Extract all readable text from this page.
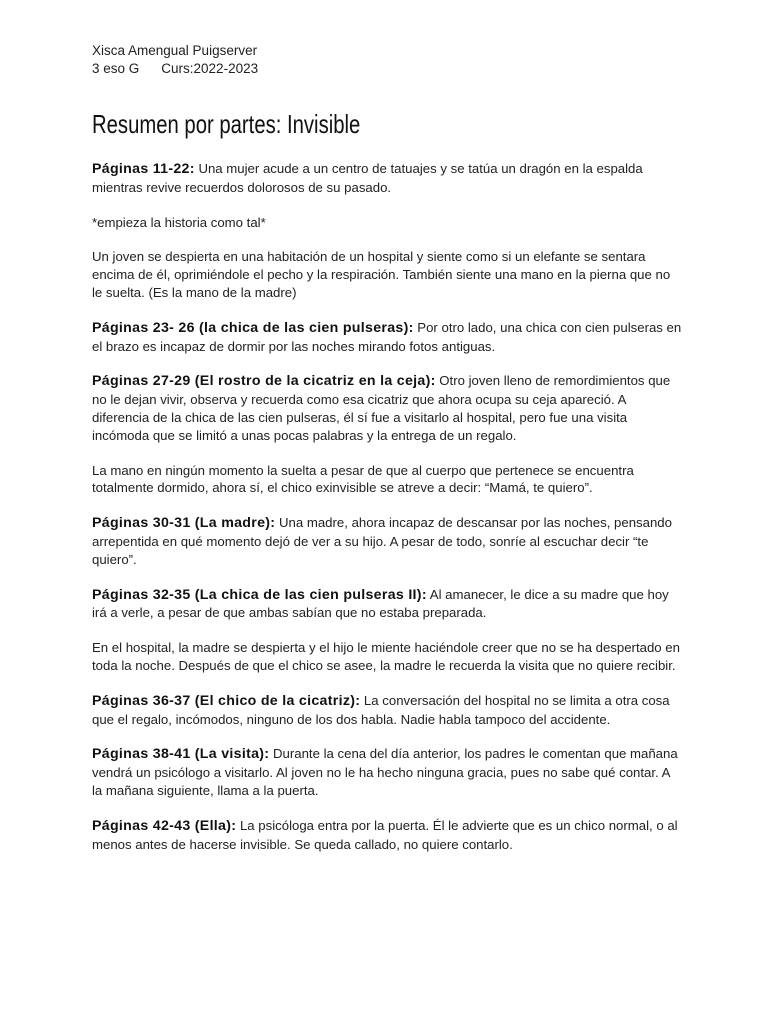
Xisca Amengual Puigserver
3 eso G Curs:2022-2023
Resumen por partes: Invisible

Páginas 11-22: Una mujer acude a un centro de tatuajes y se tatúa un dragón en la espalda mientras revive recuerdos dolorosos de su pasado.

*empieza la historia como tal*

Un joven se despierta en una habitación de un hospital y siente como si un elefante se sentara encima de él, oprimiéndole el pecho y la respiración. También siente una mano en la pierna que no le suelta. (Es la mano de la madre)

Páginas 23- 26 (la chica de las cien pulseras): Por otro lado, una chica con cien pulseras en el brazo es incapaz de dormir por las noches mirando fotos antiguas.

Páginas 27-29 (El rostro de la cicatriz en la ceja): Otro joven lleno de remordimientos que no le dejan vivir, observa y recuerda como esa cicatriz que ahora ocupa su ceja apareció. A diferencia de la chica de las cien pulseras, él sí fue a visitarlo al hospital, pero fue una visita incómoda que se limitó a unas pocas palabras y la entrega de un regalo.

La mano en ningún momento la suelta a pesar de que al cuerpo que pertenece se encuentra totalmente dormido, ahora sí, el chico exinvisible se atreve a decir: “Mamá, te quiero”.

Páginas 30-31 (La madre): Una madre, ahora incapaz de descansar por las noches, pensando arrepentida en qué momento dejó de ver a su hijo. A pesar de todo, sonríe al escuchar decir “te quiero”.

Páginas 32-35 (La chica de las cien pulseras II): Al amanecer, le dice a su madre que hoy irá a verle, a pesar de que ambas sabían que no estaba preparada.

En el hospital, la madre se despierta y el hijo le miente haciéndole creer que no se ha despertado en toda la noche. Después de que el chico se asee, la madre le recuerda la visita que no quiere recibir.

Páginas 36-37 (El chico de la cicatriz): La conversación del hospital no se limita a otra cosa que el regalo, incómodos, ninguno de los dos habla. Nadie habla tampoco del accidente.

Páginas 38-41 (La visita): Durante la cena del día anterior, los padres le comentan que mañana vendrá un psicólogo a visitarlo. Al joven no le ha hecho ninguna gracia, pues no sabe qué contar. A la mañana siguiente, llama a la puerta.

Páginas 42-43 (Ella): La psicóloga entra por la puerta. Él le advierte que es un chico normal, o al menos antes de hacerse invisible. Se queda callado, no quiere contarlo.
